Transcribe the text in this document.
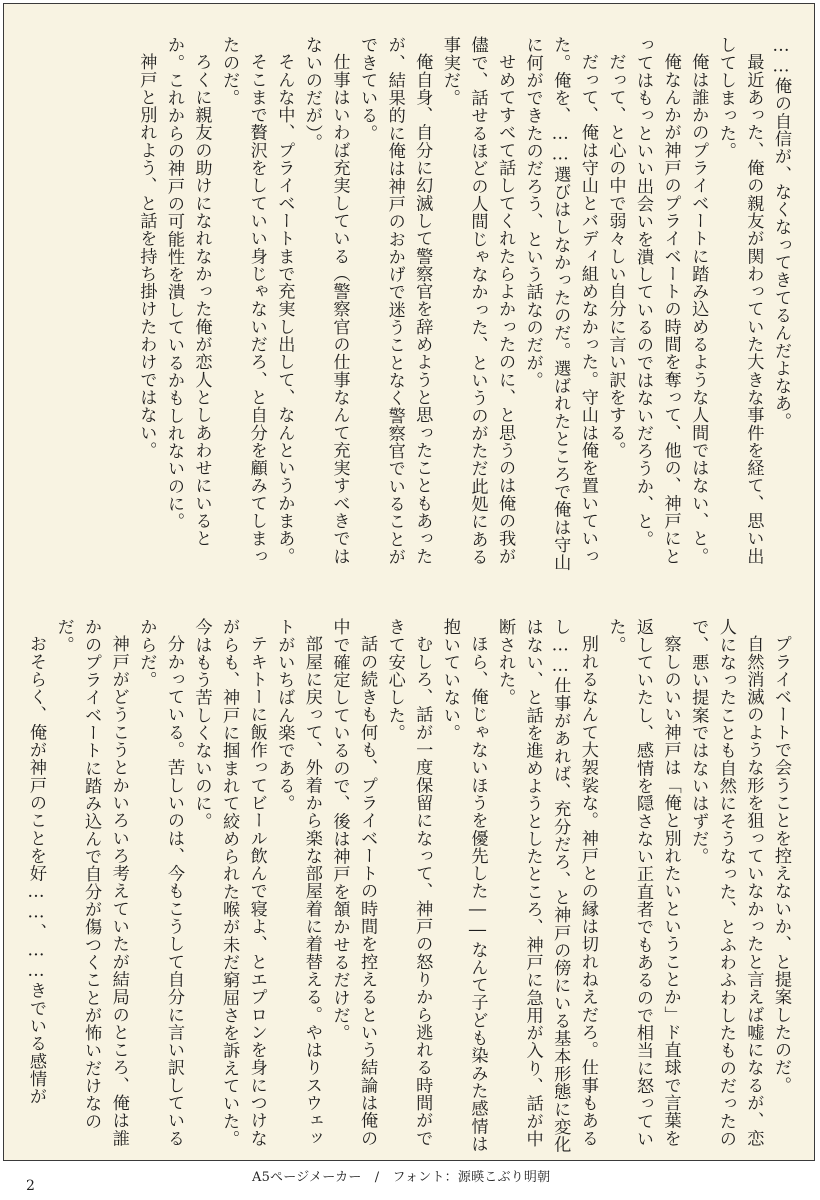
……俺の自信が、なくなってきてるんだよなあ。

最近あった、俺の親友が関わっていた大きな事件を経て、思い出してしまった。

俺は誰かのプライベートに踏み込めるような人間ではない、と。

俺なんかが神戸のプライベートの時間を奪って、他の、神戸にとってはもっといい出会いを潰しているのではないだろうか、と。

だって、と心の中で弱々しい自分に言い訳をする。

だって、俺は守山とバディ組めなかった。守山は俺を置いていった。俺を、……選びはしなかったのだ。選ばれたところで俺は守山に何ができたのだろう、という話なのだが。

せめてすべて話してくれたらよかったのに、と思うのは俺の我が儘で、話せるほどの人間じゃなかった、というのがただ此処にある事実だ。

俺自身、自分に幻滅して警察官を辞めようと思ったこともあったが、結果的に俺は神戸のおかげで迷うことなく警察官でいることができている。

仕事はいわば充実している（警察官の仕事なんて充実すべきではないのだが）。

そんな中、プライベートまで充実し出して、なんというかまあ。

そこまで贅沢をしていい身じゃないだろ、と自分を顧みてしまったのだ。

ろくに親友の助けになれなかった俺が恋人としあわせにいるとか。これからの神戸の可能性を潰しているかもしれないのに。

神戸と別れよう、と話を持ち掛けたわけではない。

プライベートで会うことを控えないか、と提案したのだ。

自然消滅のような形を狙っていなかったと言えば嘘になるが、恋人になったことも自然にそうなった、とふわふわしたものだったので、悪い提案ではないはずだ。

察しのいい神戸は「俺と別れたいということか」ド直球で言葉を返していたし、感情を隠さない正直者でもあるので相当に怒っていた。

別れるなんて大袈裟な。神戸との縁は切れねえだろ。仕事もあるし……仕事があれば、充分だろ、と神戸の傍にいる基本形態に変化はない、と話を進めようとしたところ、神戸に急用が入り、話が中断された。

ほら、俺じゃないほうを優先した――なんて子ども染みた感情は抱いていない。

むしろ、話が一度保留になって、神戸の怒りから逃れる時間ができて安心した。

話の続きも何も、プライベートの時間を控えるという結論は俺の中で確定しているので、後は神戸を頷かせるだけだ。

部屋に戻って、外着から楽な部屋着に着替える。やはりスウェットがいちばん楽である。

テキトーに飯作ってビール飲んで寝よ、とエプロンを身につけながらも、神戸に掴まれて絞められた喉が未だ窮屈さを訴えていた。今はもう苦しくないのに。

分かっている。苦しいのは、今もこうして自分に言い訳しているからだ。

神戸がどうこうとかいろいろ考えていたが結局のところ、俺は誰かのプライベートに踏み込んで自分が傷つくことが怖いだけなのだ。

おそらく、俺が神戸のことを好……、……きでいる感情が

2
A5ページメーカー　/　フォント：源暎こぶり明朝
